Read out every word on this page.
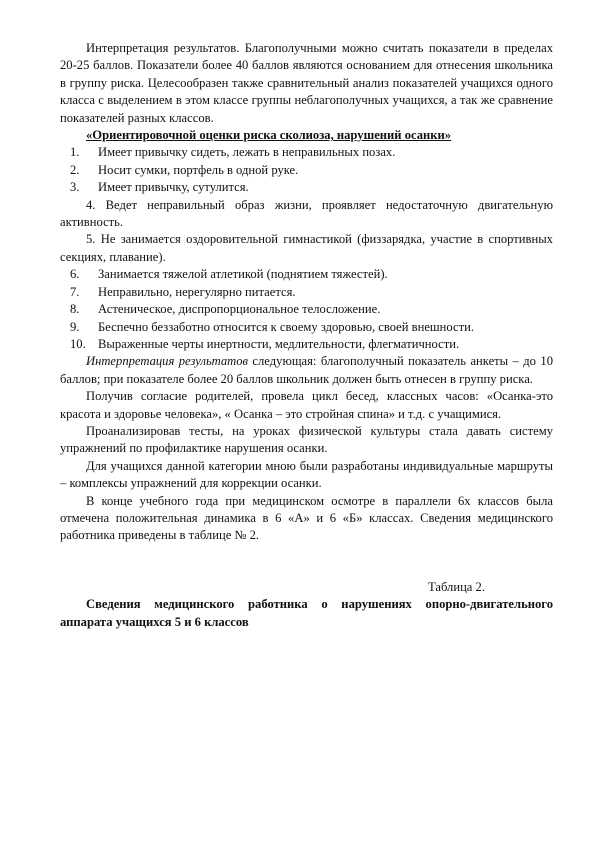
Интерпретация результатов. Благополучными можно считать показатели в пределах 20-25 баллов. Показатели более 40 баллов являются основанием для отнесения школьника в группу риска. Целесообразен также сравнительный анализ показателей учащихся одного класса с выделением в этом классе группы неблагополучных учащихся, а так же сравнение показателей разных классов.

«Ориентировочной оценки риска сколиоза, нарушений осанки»

1.	Имеет привычку сидеть, лежать в неправильных позах.
2.	Носит сумки, портфель в одной руке.
3.	Имеет привычку, сутулится.
4. Ведет неправильный образ жизни, проявляет недостаточную двигательную активность.
5. Не занимается оздоровительной гимнастикой (физзарядка, участие в спортивных секциях, плавание).
6.	Занимается тяжелой атлетикой (поднятием тяжестей).
7.	Неправильно, нерегулярно питается.
8.	Астеническое, диспропорциональное телосложение.
9.	Беспечно беззаботно относится к своему здоровью, своей внешности.
10. Выраженные черты инертности, медлительности, флегматичности.

Интерпретация результатов следующая: благополучный показатель анкеты – до 10 баллов; при показателе более 20 баллов школьник должен быть отнесен в группу риска.

Получив согласие родителей, провела цикл бесед, классных часов: «Осанка-это красота и здоровье человека», « Осанка – это стройная спина» и т.д. с учащимися.

Проанализировав тесты, на уроках физической культуры стала давать систему упражнений по профилактике нарушения осанки.

Для учащихся данной категории мною были разработаны индивидуальные маршруты – комплексы упражнений для коррекции осанки.

В конце учебного года при медицинском осмотре в параллели 6х классов была отмечена положительная динамика в 6 «А» и 6 «Б» классах. Сведения медицинского работника приведены в таблице № 2.

Таблица 2.

Сведения медицинского работника о нарушениях опорно-двигательного аппарата учащихся 5 и 6 классов
